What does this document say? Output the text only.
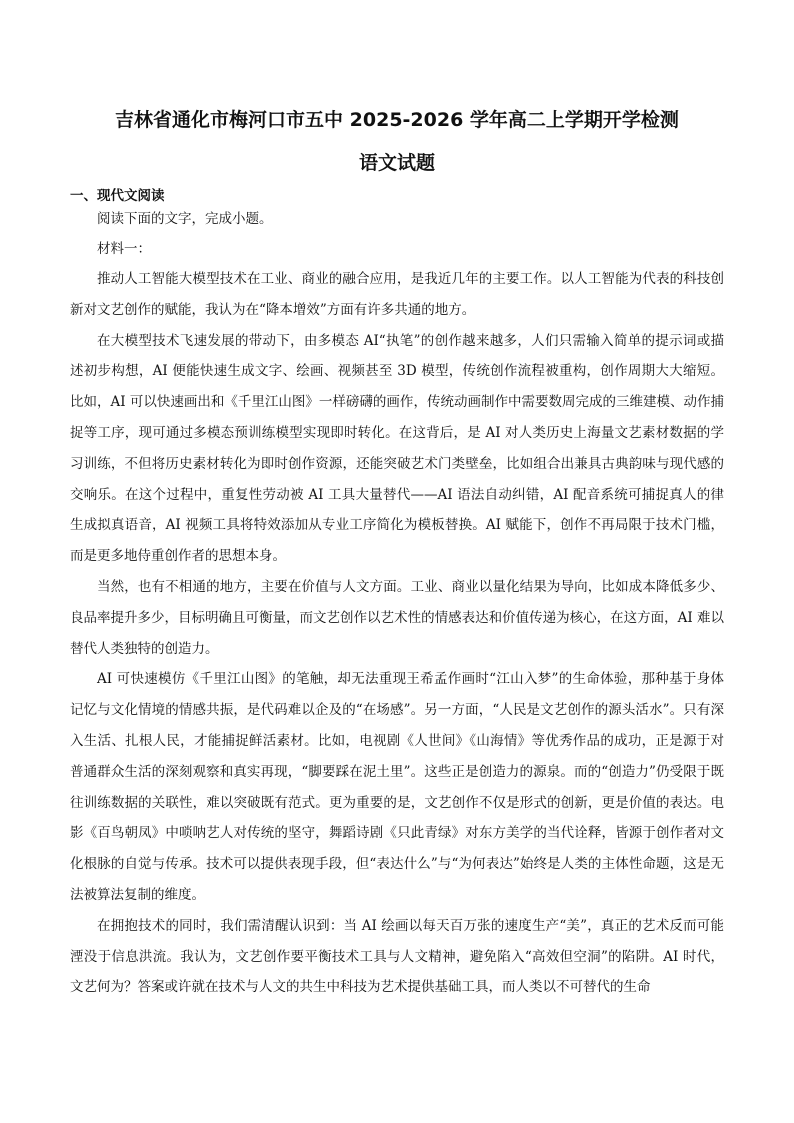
吉林省通化市梅河口市五中 2025-2026 学年高二上学期开学检测
语文试题
一、现代文阅读

阅读下面的文字，完成小题。

材料一：

推动人工智能大模型技术在工业、商业的融合应用，是我近几年的主要工作。以人工智能为代表的科技创新对文艺创作的赋能，我认为在“降本增效”方面有许多共通的地方。

在大模型技术飞速发展的带动下，由多模态 AI“执笔”的创作越来越多，人们只需输入简单的提示词或描述初步构想，AI 便能快速生成文字、绘画、视频甚至 3D 模型，传统创作流程被重构，创作周期大大缩短。比如，AI 可以快速画出和《千里江山图》一样磅礴的画作，传统动画制作中需要数周完成的三维建模、动作捕捉等工序，现可通过多模态预训练模型实现即时转化。在这背后，是 AI 对人类历史上海量文艺素材数据的学习训练，不但将历史素材转化为即时创作资源，还能突破艺术门类壁垒，比如组合出兼具古典韵味与现代感的交响乐。在这个过程中，重复性劳动被 AI 工具大量替代——AI 语法自动纠错，AI 配音系统可捕捉真人的律生成拟真语音，AI 视频工具将特效添加从专业工序简化为模板替换。AI 赋能下，创作不再局限于技术门槛，而是更多地侍重创作者的思想本身。

当然，也有不相通的地方，主要在价值与人文方面。工业、商业以量化结果为导向，比如成本降低多少、良品率提升多少，目标明确且可衡量，而文艺创作以艺术性的情感表达和价值传递为核心，在这方面，AI 难以替代人类独特的创造力。

AI 可快速模仿《千里江山图》的笔触，却无法重现王希孟作画时“江山入梦”的生命体验，那种基于身体记忆与文化情境的情感共振，是代码难以企及的“在场感”。另一方面，“人民是文艺创作的源头活水”。只有深入生活、扎根人民，才能捕捉鲜活素材。比如，电视剧《人世间》《山海情》等优秀作品的成功，正是源于对普通群众生活的深刻观察和真实再现，“脚要踩在泥土里”。这些正是创造力的源泉。而的“创造力”仍受限于既往训练数据的关联性，难以突破既有范式。更为重要的是，文艺创作不仅是形式的创新，更是价值的表达。电影《百鸟朝凤》中唢呐艺人对传统的坚守，舞蹈诗剧《只此青绿》对东方美学的当代诠释，皆源于创作者对文化根脉的自觉与传承。技术可以提供表现手段，但“表达什么”与“为何表达”始终是人类的主体性命题，这是无法被算法复制的维度。

在拥抱技术的同时，我们需清醒认识到：当 AI 绘画以每天百万张的速度生产“美”，真正的艺术反而可能湮没于信息洪流。我认为，文艺创作要平衡技术工具与人文精神，避免陷入“高效但空洞”的陷阱。AI 时代，文艺何为？答案或许就在技术与人文的共生中科技为艺术提供基础工具，而人类以不可替代的生命
